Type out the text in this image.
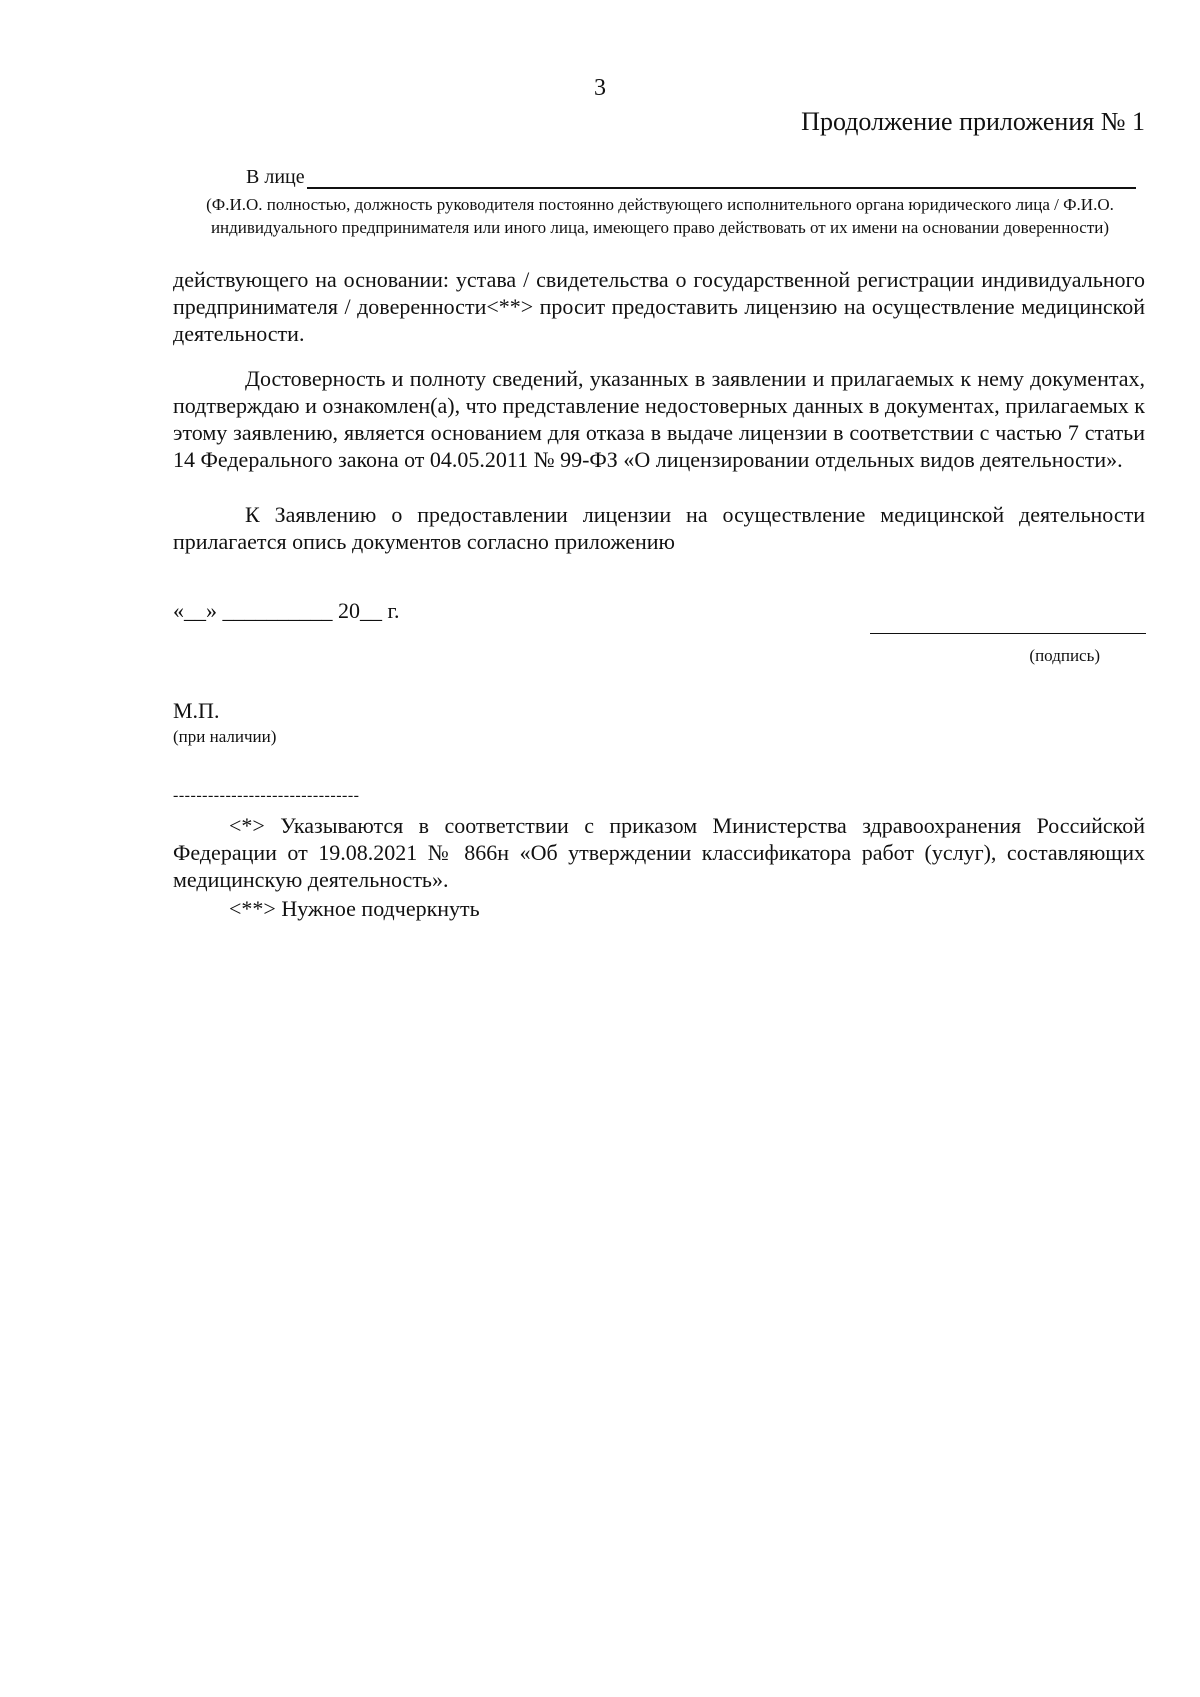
3
Продолжение приложения № 1
В лице
(Ф.И.О. полностью, должность руководителя постоянно действующего исполнительного органа юридического лица / Ф.И.О. индивидуального предпринимателя или иного лица, имеющего право действовать от их имени на основании доверенности)
действующего на основании: устава / свидетельства о государственной регистрации индивидуального предпринимателя / доверенности<**> просит предоставить лицензию на осуществление медицинской деятельности.
Достоверность и полноту сведений, указанных в заявлении и прилагаемых к нему документах, подтверждаю и ознакомлен(а), что представление недостоверных данных в документах, прилагаемых к этому заявлению, является основанием для отказа в выдаче лицензии в соответствии с частью 7 статьи 14 Федерального закона от 04.05.2011 № 99-ФЗ «О лицензировании отдельных видов деятельности».
К Заявлению о предоставлении лицензии на осуществление медицинской деятельности прилагается опись документов согласно приложению
«__» __________ 20__ г.
(подпись)
М.П.
(при наличии)
--------------------------------
<*> Указываются в соответствии с приказом Министерства здравоохранения Российской Федерации от 19.08.2021 № 866н «Об утверждении классификатора работ (услуг), составляющих медицинскую деятельность».
<**> Нужное подчеркнуть
